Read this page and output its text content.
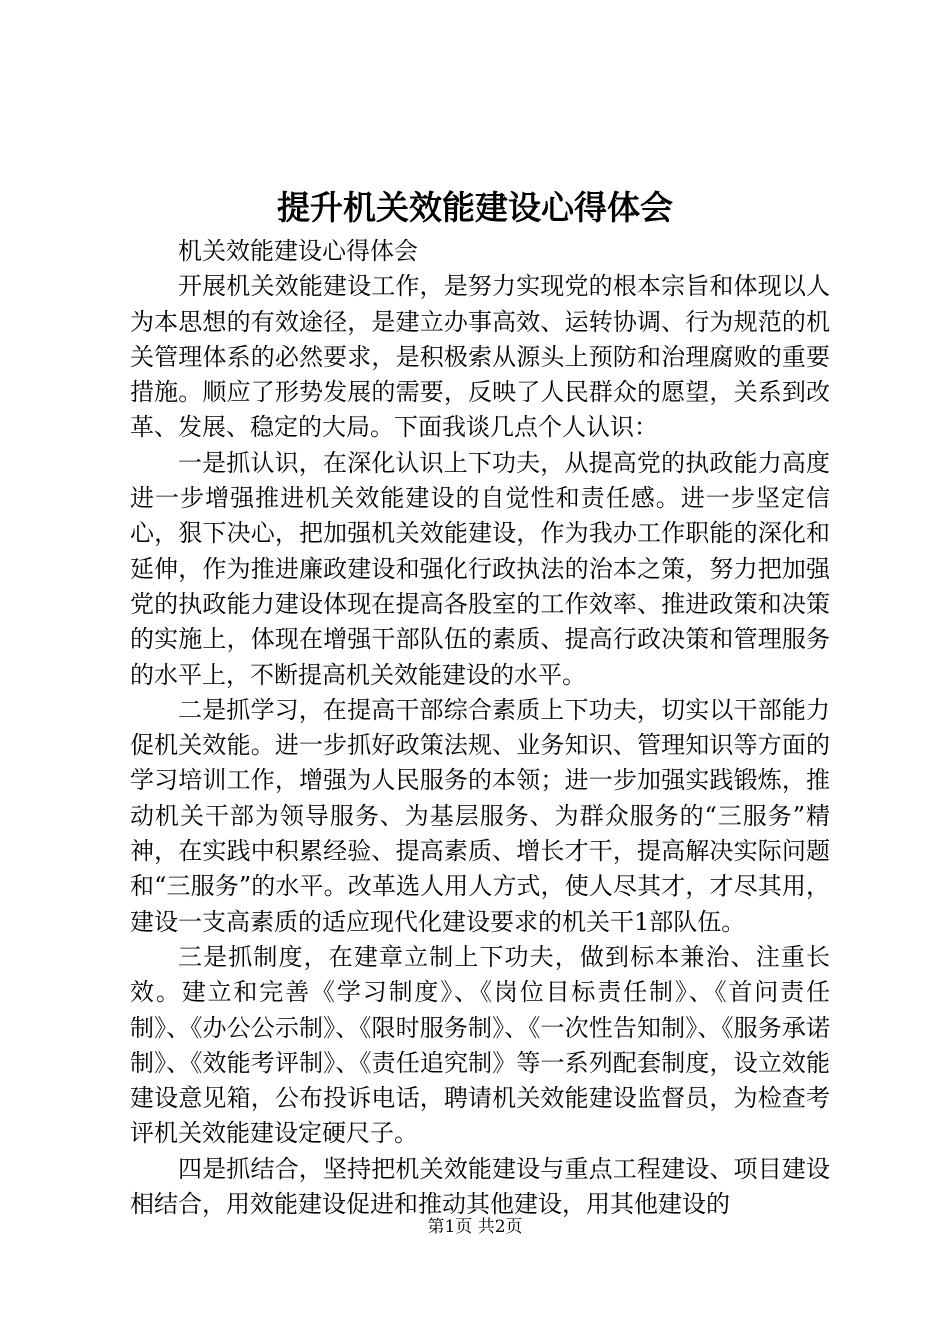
提升机关效能建设心得体会

机关效能建设心得体会

开展机关效能建设工作，是努力实现党的根本宗旨和体现以人为本思想的有效途径，是建立办事高效、运转协调、行为规范的机关管理体系的必然要求，是积极索从源头上预防和治理腐败的重要措施。顺应了形势发展的需要，反映了人民群众的愿望，关系到改革、发展、稳定的大局。下面我谈几点个人认识：

一是抓认识，在深化认识上下功夫，从提高党的执政能力高度进一步增强推进机关效能建设的自觉性和责任感。进一步坚定信心，狠下决心，把加强机关效能建设，作为我办工作职能的深化和延伸，作为推进廉政建设和强化行政执法的治本之策，努力把加强党的执政能力建设体现在提高各股室的工作效率、推进政策和决策的实施上，体现在增强干部队伍的素质、提高行政决策和管理服务的水平上，不断提高机关效能建设的水平。

二是抓学习，在提高干部综合素质上下功夫，切实以干部能力促机关效能。进一步抓好政策法规、业务知识、管理知识等方面的学习培训工作，增强为人民服务的本领；进一步加强实践锻炼，推动机关干部为领导服务、为基层服务、为群众服务的“三服务”精神，在实践中积累经验、提高素质、增长才干，提高解决实际问题和“三服务”的水平。改革选人用人方式，使人尽其才，才尽其用，建设一支高素质的适应现代化建设要求的机关干1部队伍。

三是抓制度，在建章立制上下功夫，做到标本兼治、注重长效。建立和完善《学习制度》、《岗位目标责任制》、《首问责任制》、《办公公示制》、《限时服务制》、《一次性告知制》、《服务承诺制》、《效能考评制》、《责任追究制》等一系列配套制度，设立效能建设意见箱，公布投诉电话，聘请机关效能建设监督员，为检查考评机关效能建设定硬尺子。

四是抓结合，坚持把机关效能建设与重点工程建设、项目建设相结合，用效能建设促进和推动其他建设，用其他建设的

第1页 共2页
